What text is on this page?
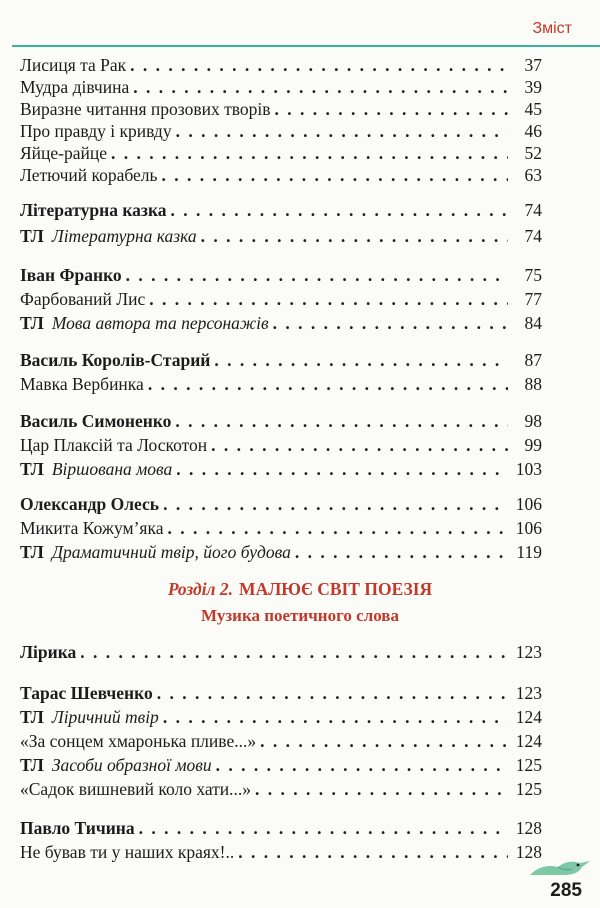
Зміст
Лисиця та Рак . . .	37
Мудра дівчина . . .	39
Виразне читання прозових творів . . .	45
Про правду і кривду . . .	46
Яйце-райце . . .	52
Летючий корабель . . .	63
Літературна казка . . .	74
ТЛ Літературна казка . . .	74
Іван Франко . . .	75
Фарбований Лис . . .	77
ТЛ Мова автора та персонажів . . .	84
Василь Королів-Старий . . .	87
Мавка Вербинка . . .	88
Василь Симоненко . . .	98
Цар Плаксій та Лоскотон . . .	99
ТЛ Віршована мова . . .	103
Олександр Олесь . . .	106
Микита Кожум’яка . . .	106
ТЛ Драматичний твір, його будова . . .	119
Розділ 2. МАЛЮЄ СВІТ ПОЕЗІЯ
Музика поетичного слова
Лірика . . .	123
Тарас Шевченко . . .	123
ТЛ Ліричний твір . . .	124
«За сонцем хмаронька пливе...» . . .	124
ТЛ Засоби образної мови . . .	125
«Садок вишневий коло хати...» . . .	125
Павло Тичина . . .	128
Не бував ти у наших краях!.. . . .	128
285
